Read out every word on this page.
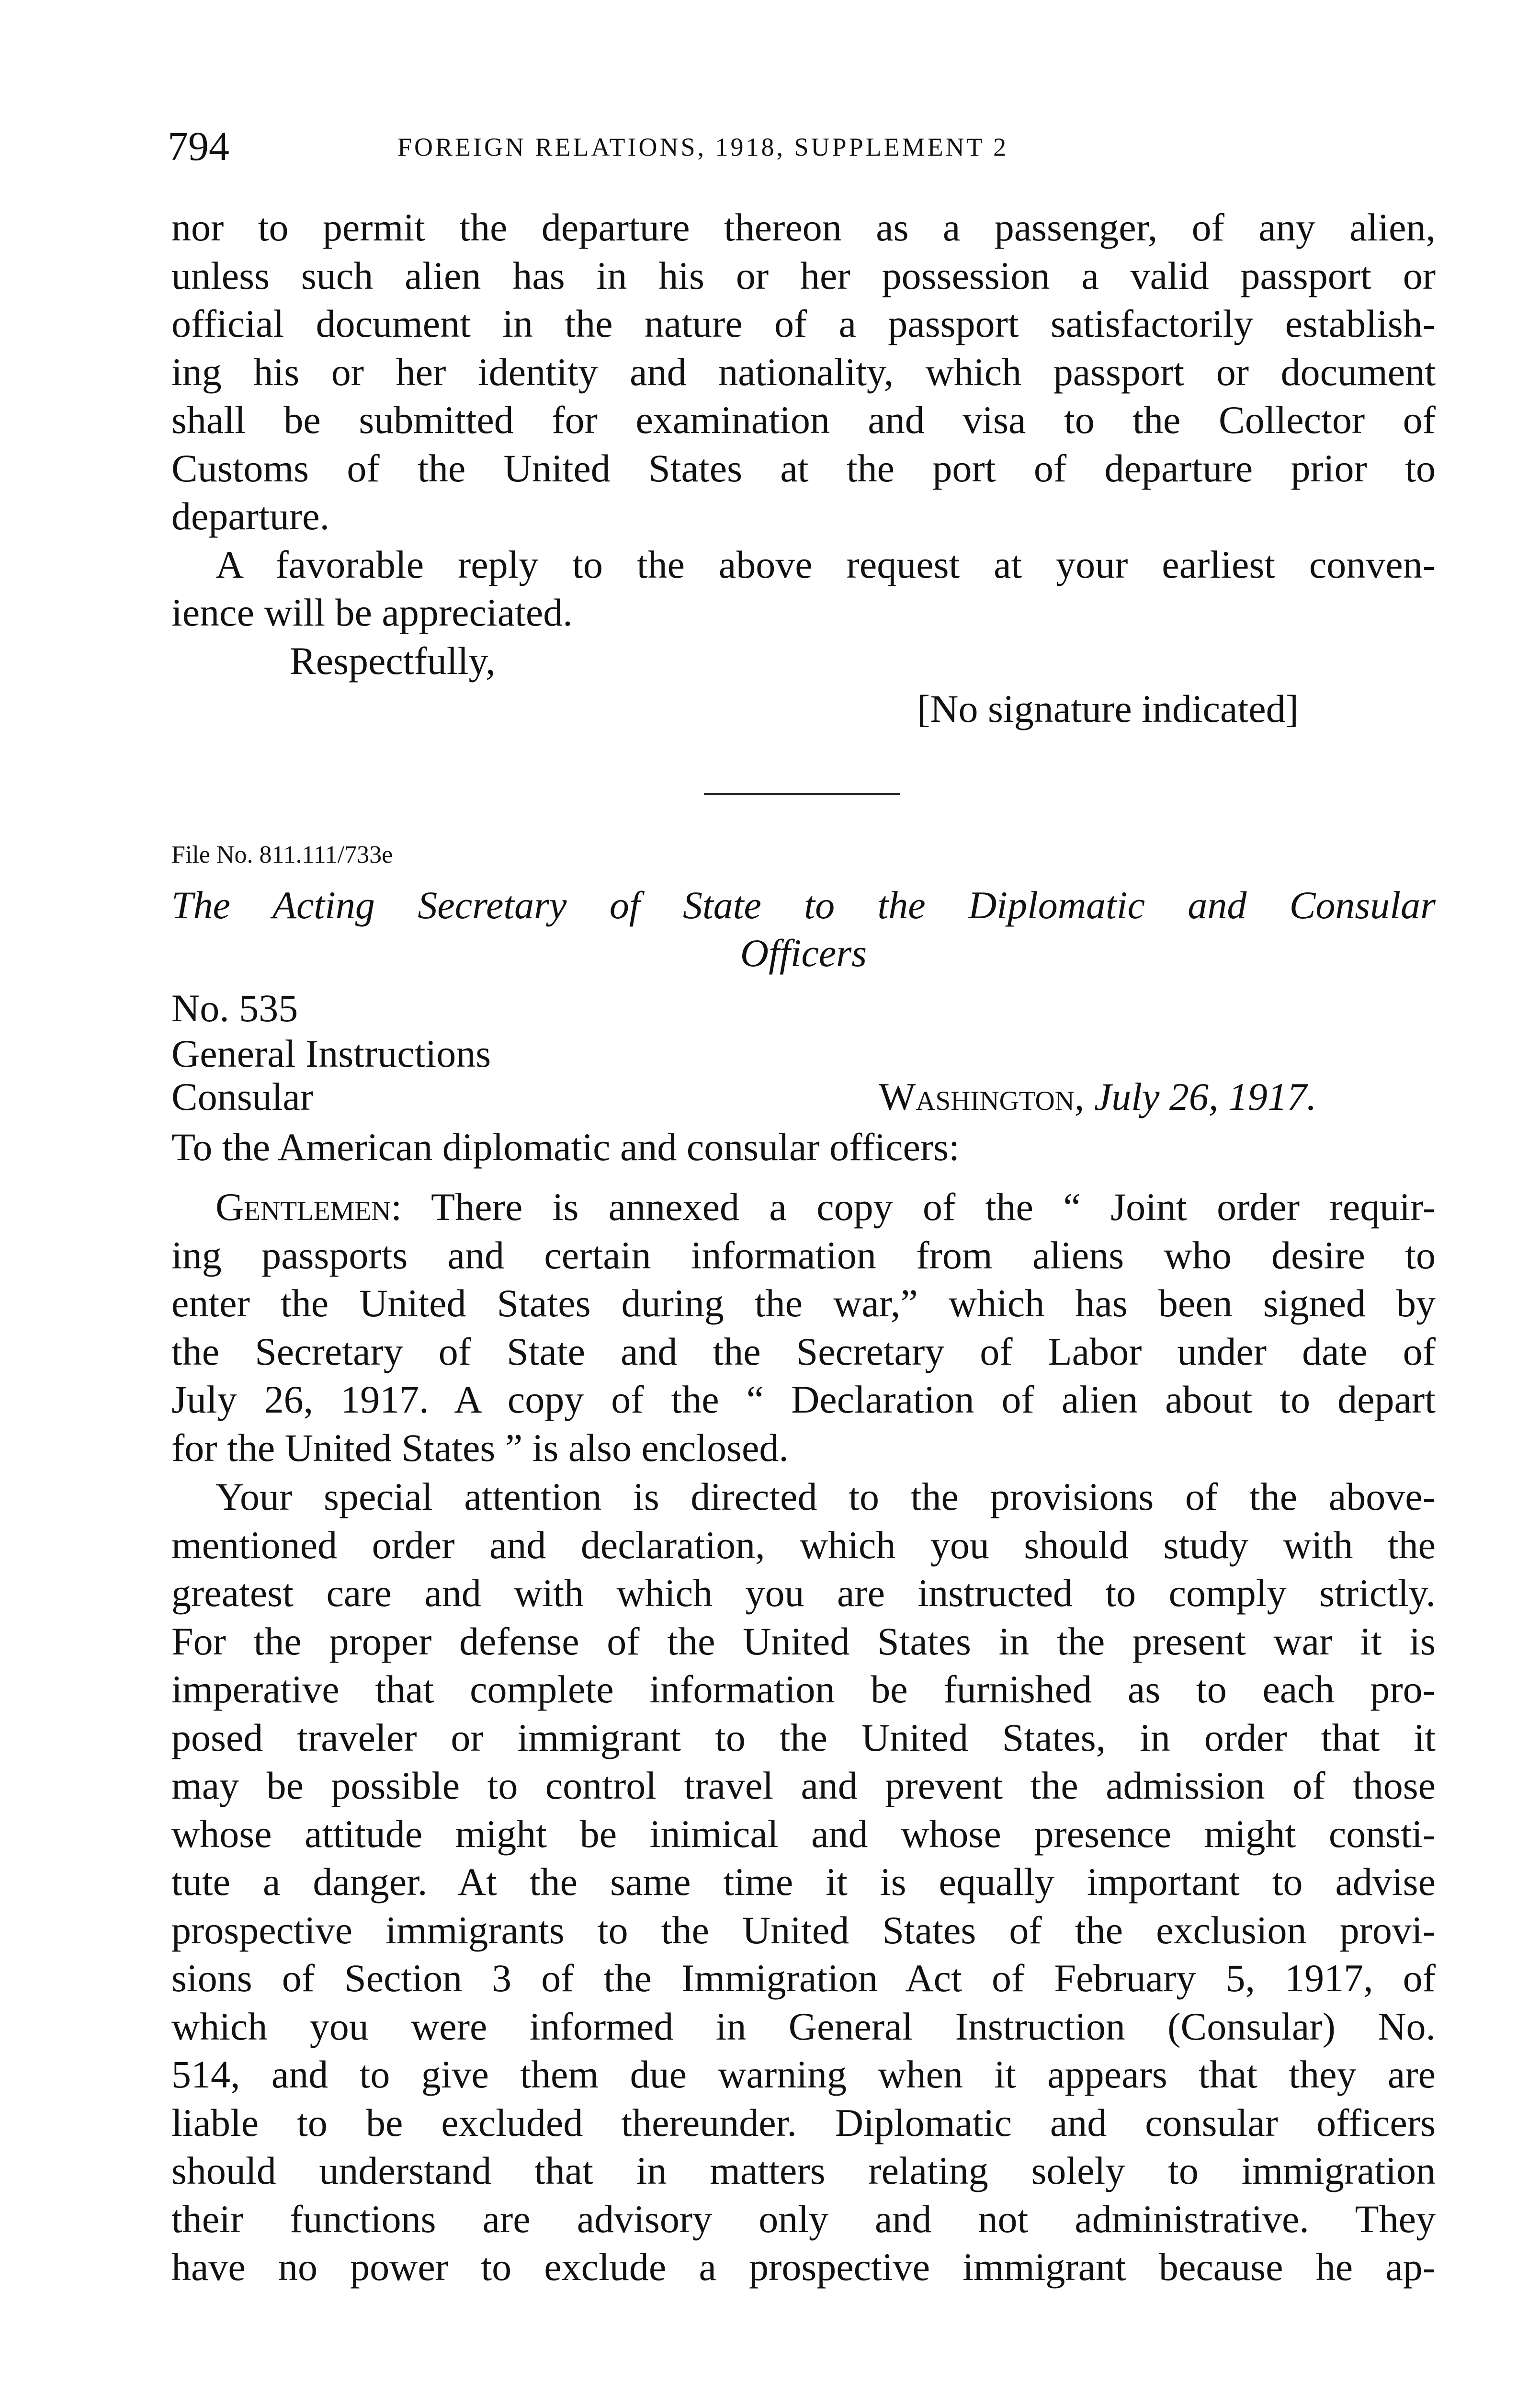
794	FOREIGN RELATIONS, 1918, SUPPLEMENT 2
nor to permit the departure thereon as a passenger, of any alien,
unless such alien has in his or her possession a valid passport or
official document in the nature of a passport satisfactorily establish-
ing his or her identity and nationality, which passport or document
shall be submitted for examination and visa to the Collector of
Customs of the United States at the port of departure prior to
departure.
A favorable reply to the above request at your earliest conven-
ience will be appreciated.
Respectfully,
[No signature indicated]
File No. 811.111/733e
The Acting Secretary of State to the Diplomatic and Consular
Officers
No. 535
General Instructions
Consular	Washington, July 26, 1917.
To the American diplomatic and consular officers:
Gentlemen: There is annexed a copy of the “ Joint order requir-
ing passports and certain information from aliens who desire to
enter the United States during the war,” which has been signed by
the Secretary of State and the Secretary of Labor under date of
July 26, 1917. A copy of the “ Declaration of alien about to depart
for the United States ” is also enclosed.
Your special attention is directed to the provisions of the above-
mentioned order and declaration, which you should study with the
greatest care and with which you are instructed to comply strictly.
For the proper defense of the United States in the present war it is
imperative that complete information be furnished as to each pro-
posed traveler or immigrant to the United States, in order that it
may be possible to control travel and prevent the admission of those
whose attitude might be inimical and whose presence might consti-
tute a danger. At the same time it is equally important to advise
prospective immigrants to the United States of the exclusion provi-
sions of Section 3 of the Immigration Act of February 5, 1917, of
which you were informed in General Instruction (Consular) No.
514, and to give them due warning when it appears that they are
liable to be excluded thereunder. Diplomatic and consular officers
should understand that in matters relating solely to immigration
their functions are advisory only and not administrative. They
have no power to exclude a prospective immigrant because he ap-
